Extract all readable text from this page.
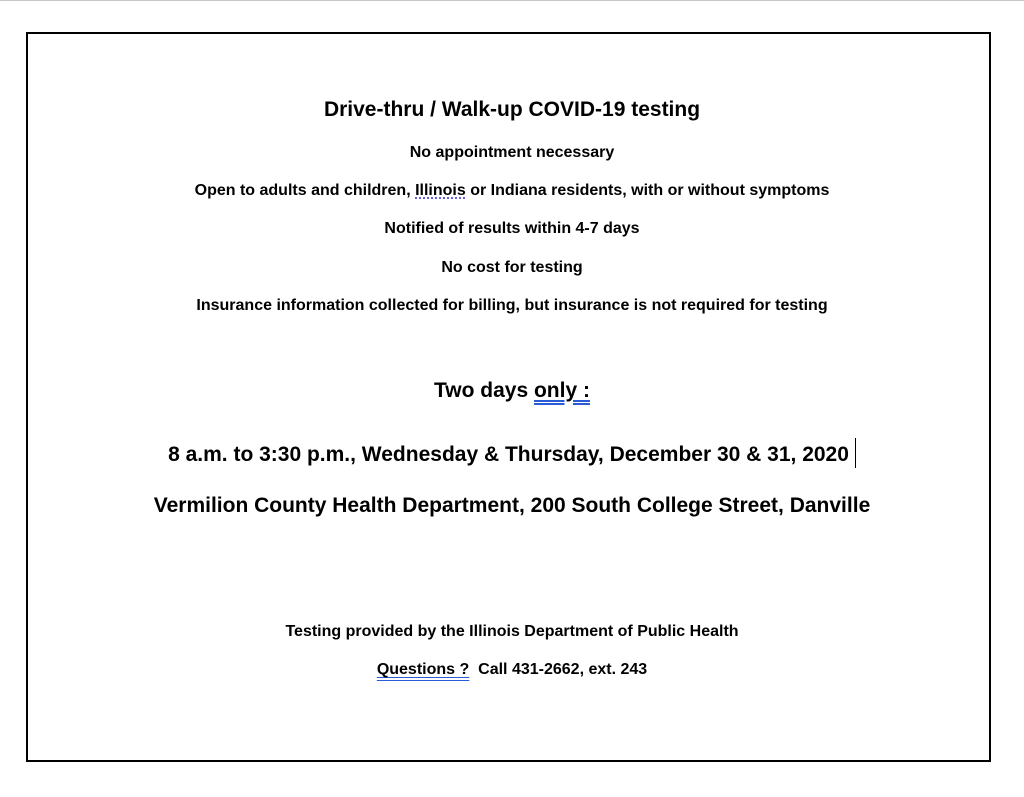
Drive-thru / Walk-up COVID-19 testing
No appointment necessary
Open to adults and children, Illinois or Indiana residents, with or without symptoms
Notified of results within 4-7 days
No cost for testing
Insurance information collected for billing, but insurance is not required for testing
Two days only :
8 a.m. to 3:30 p.m., Wednesday & Thursday, December 30 & 31, 2020
Vermilion County Health Department, 200 South College Street, Danville
Testing provided by the Illinois Department of Public Health
Questions ?  Call 431-2662, ext. 243
